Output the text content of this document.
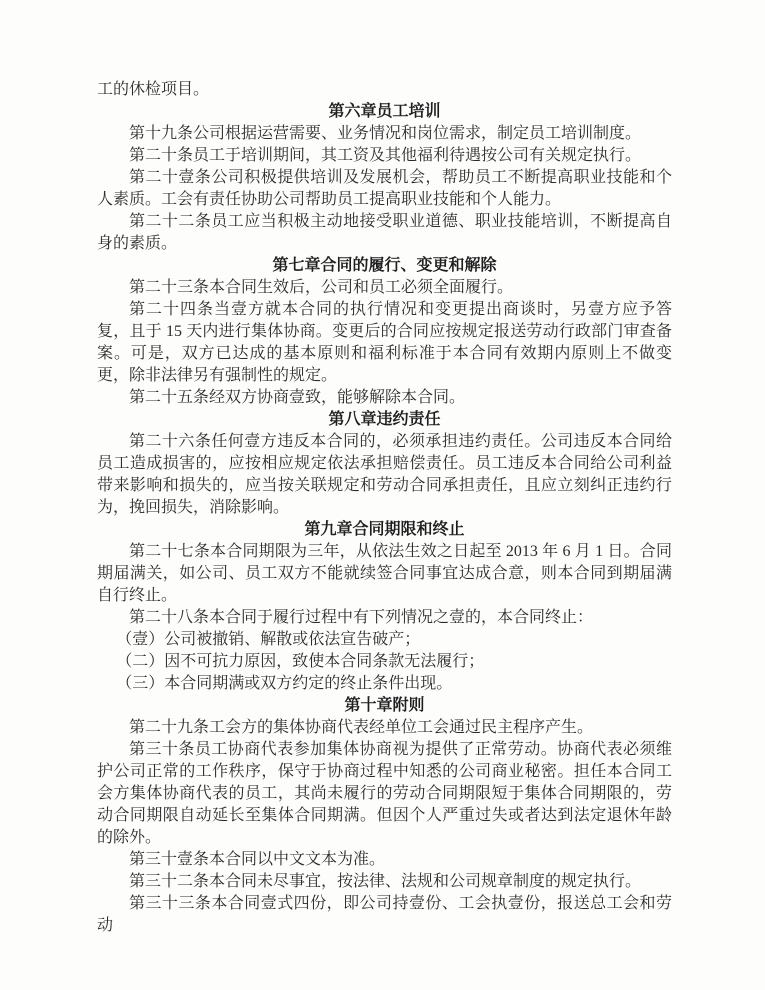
工的休检项目。

第六章员工培训

第十九条公司根据运营需要、业务情况和岗位需求，制定员工培训制度。

第二十条员工于培训期间，其工资及其他福利待遇按公司有关规定执行。

第二十壹条公司积极提供培训及发展机会，帮助员工不断提高职业技能和个人素质。工会有责任协助公司帮助员工提高职业技能和个人能力。

第二十二条员工应当积极主动地接受职业道德、职业技能培训，不断提高自身的素质。

第七章合同的履行、变更和解除

第二十三条本合同生效后，公司和员工必须全面履行。

第二十四条当壹方就本合同的执行情况和变更提出商谈时，另壹方应予答复，且于 15 天内进行集体协商。变更后的合同应按规定报送劳动行政部门审查备案。可是，双方已达成的基本原则和福利标准于本合同有效期内原则上不做变更，除非法律另有强制性的规定。

第二十五条经双方协商壹致，能够解除本合同。

第八章违约责任

第二十六条任何壹方违反本合同的，必须承担违约责任。公司违反本合同给员工造成损害的，应按相应规定依法承担赔偿责任。员工违反本合同给公司利益带来影响和损失的，应当按关联规定和劳动合同承担责任，且应立刻纠正违约行为，挽回损失，消除影响。

第九章合同期限和终止

第二十七条本合同期限为三年，从依法生效之日起至 2013 年 6 月 1 日。合同期届满关，如公司、员工双方不能就续签合同事宜达成合意，则本合同到期届满自行终止。

第二十八条本合同于履行过程中有下列情况之壹的，本合同终止：

（壹）公司被撤销、解散或依法宣告破产；

（二）因不可抗力原因，致使本合同条款无法履行；

（三）本合同期满或双方约定的终止条件出现。

第十章附则

第二十九条工会方的集体协商代表经单位工会通过民主程序产生。

第三十条员工协商代表参加集体协商视为提供了正常劳动。协商代表必须维护公司正常的工作秩序，保守于协商过程中知悉的公司商业秘密。担任本合同工会方集体协商代表的员工，其尚未履行的劳动合同期限短于集体合同期限的，劳动合同期限自动延长至集体合同期满。但因个人严重过失或者达到法定退休年龄的除外。

第三十壹条本合同以中文文本为准。

第三十二条本合同未尽事宜，按法律、法规和公司规章制度的规定执行。

第三十三条本合同壹式四份，即公司持壹份、工会执壹份，报送总工会和劳动
